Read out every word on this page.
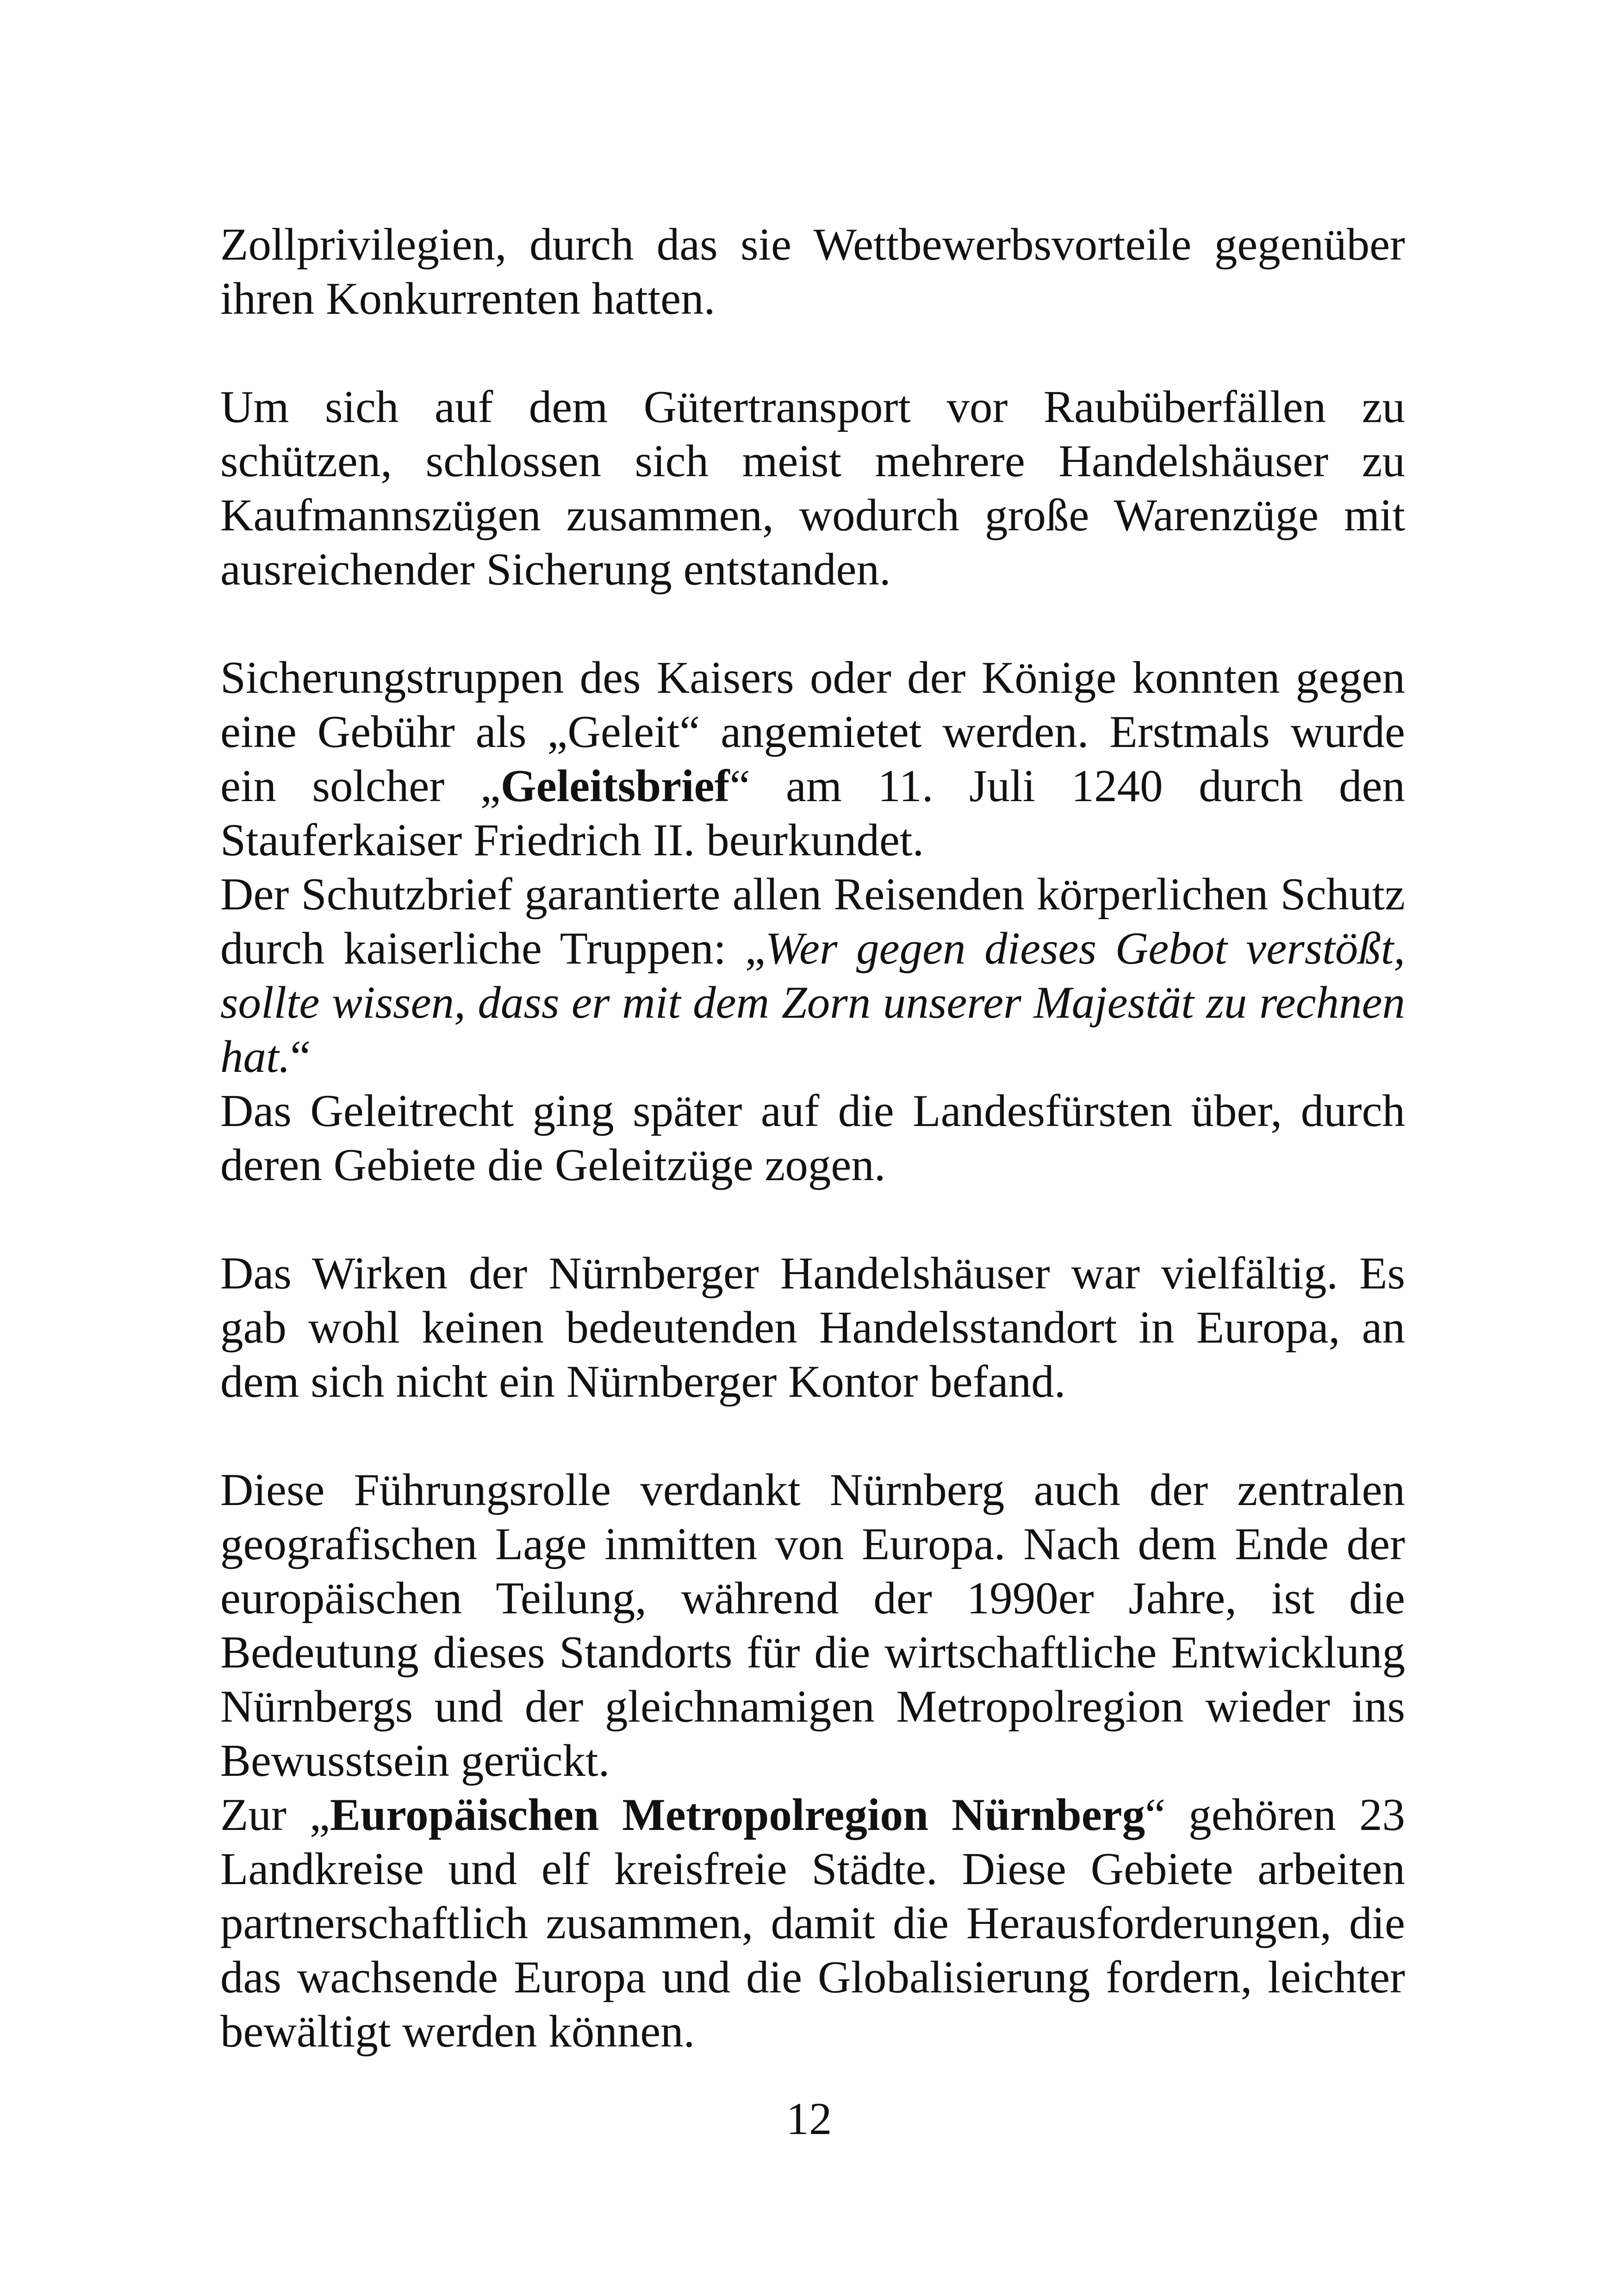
Zollprivilegien, durch das sie Wettbewerbsvorteile gegenüber ihren Konkurrenten hatten.

Um sich auf dem Gütertransport vor Raubüberfällen zu schützen, schlossen sich meist mehrere Handelshäuser zu Kaufmannszügen zusammen, wodurch große Warenzüge mit ausreichender Sicherung entstanden.

Sicherungstruppen des Kaisers oder der Könige konnten gegen eine Gebühr als „Geleit“ angemietet werden. Erstmals wurde ein solcher „Geleitsbrief“ am 11. Juli 1240 durch den Stauferkaiser Friedrich II. beurkundet.

Der Schutzbrief garantierte allen Reisenden körperlichen Schutz durch kaiserliche Truppen: „Wer gegen dieses Gebot verstößt, sollte wissen, dass er mit dem Zorn unserer Majestät zu rechnen hat.“

Das Geleitrecht ging später auf die Landesfürsten über, durch deren Gebiete die Geleitzüge zogen.

Das Wirken der Nürnberger Handelshäuser war vielfältig. Es gab wohl keinen bedeutenden Handelsstandort in Europa, an dem sich nicht ein Nürnberger Kontor befand.

Diese Führungsrolle verdankt Nürnberg auch der zentralen geografischen Lage inmitten von Europa. Nach dem Ende der europäischen Teilung, während der 1990er Jahre, ist die Bedeutung dieses Standorts für die wirtschaftliche Entwicklung Nürnbergs und der gleichnamigen Metropolregion wieder ins Bewusstsein gerückt.

Zur „Europäischen Metropolregion Nürnberg“ gehören 23 Landkreise und elf kreisfreie Städte. Diese Gebiete arbeiten partnerschaftlich zusammen, damit die Herausforderungen, die das wachsende Europa und die Globalisierung fordern, leichter bewältigt werden können.

12
